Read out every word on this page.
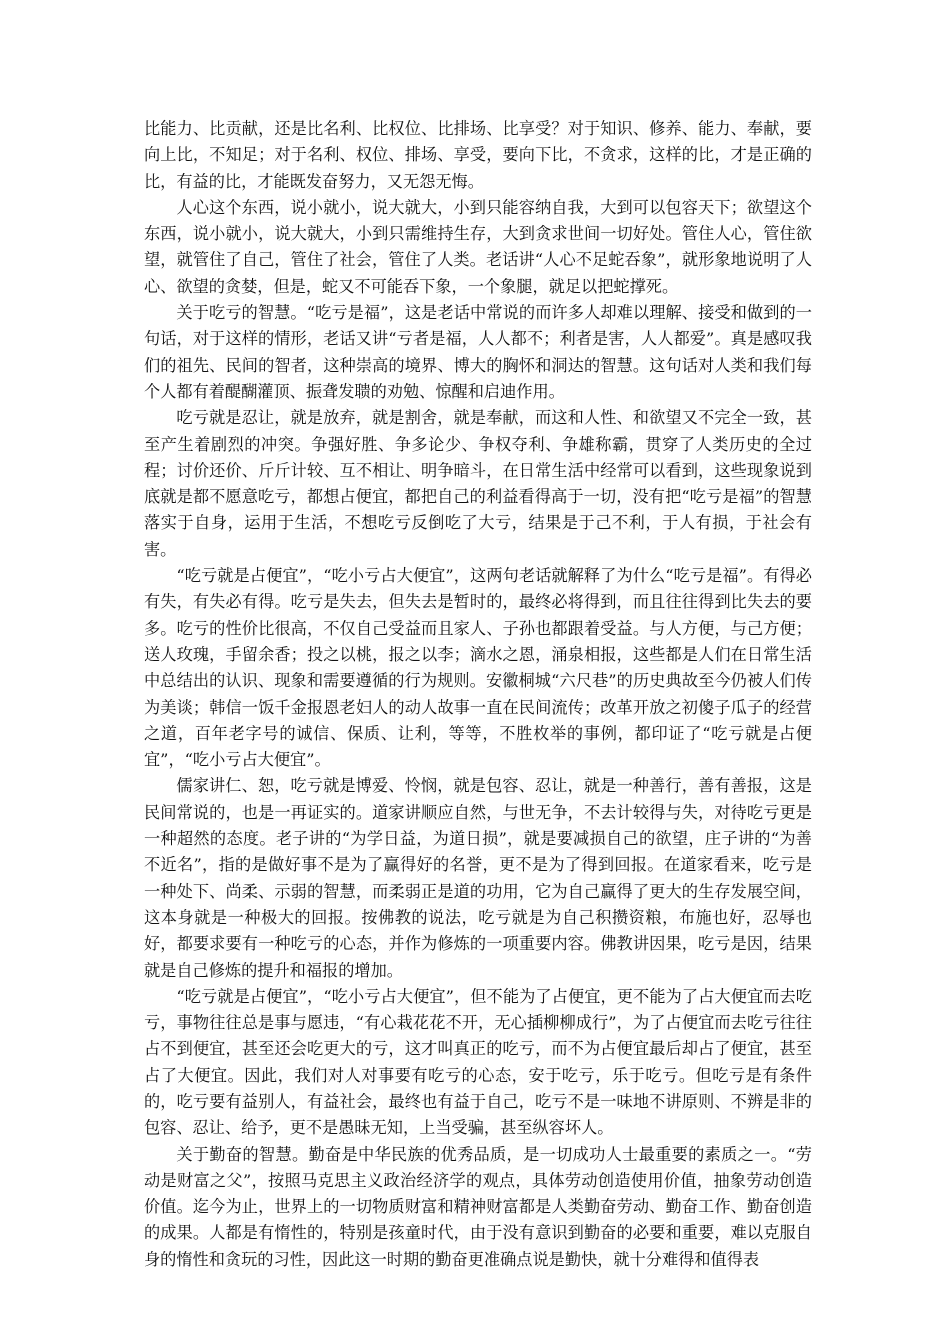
比能力、比贡献，还是比名利、比权位、比排场、比享受？对于知识、修养、能力、奉献，要向上比，不知足；对于名利、权位、排场、享受，要向下比，不贪求，这样的比，才是正确的比，有益的比，才能既发奋努力，又无怨无悔。

人心这个东西，说小就小，说大就大，小到只能容纳自我，大到可以包容天下；欲望这个东西，说小就小，说大就大，小到只需维持生存，大到贪求世间一切好处。管住人心，管住欲望，就管住了自己，管住了社会，管住了人类。老话讲“人心不足蛇吞象”，就形象地说明了人心、欲望的贪婪，但是，蛇又不可能吞下象，一个象腿，就足以把蛇撑死。

关于吃亏的智慧。“吃亏是福”，这是老话中常说的而许多人却难以理解、接受和做到的一句话，对于这样的情形，老话又讲“亏者是福，人人都不；利者是害，人人都爱”。真是感叹我们的祖先、民间的智者，这种崇高的境界、博大的胸怀和洞达的智慧。这句话对人类和我们每个人都有着醍醐灌顶、振聋发聩的劝勉、惊醒和启迪作用。

吃亏就是忍让，就是放弃，就是割舍，就是奉献，而这和人性、和欲望又不完全一致，甚至产生着剧烈的冲突。争强好胜、争多论少、争权夺利、争雄称霸，贯穿了人类历史的全过程；讨价还价、斤斤计较、互不相让、明争暗斗，在日常生活中经常可以看到，这些现象说到底就是都不愿意吃亏，都想占便宜，都把自己的利益看得高于一切，没有把“吃亏是福”的智慧落实于自身，运用于生活，不想吃亏反倒吃了大亏，结果是于己不利，于人有损，于社会有害。

“吃亏就是占便宜”，“吃小亏占大便宜”，这两句老话就解释了为什么“吃亏是福”。有得必有失，有失必有得。吃亏是失去，但失去是暂时的，最终必将得到，而且往往得到比失去的要多。吃亏的性价比很高，不仅自己受益而且家人、子孙也都跟着受益。与人方便，与己方便；送人玫瑰，手留余香；投之以桃，报之以李；滴水之恩，涌泉相报，这些都是人们在日常生活中总结出的认识、现象和需要遵循的行为规则。安徽桐城“六尺巷”的历史典故至今仍被人们传为美谈；韩信一饭千金报恩老妇人的动人故事一直在民间流传；改革开放之初傻子瓜子的经营之道，百年老字号的诚信、保质、让利，等等，不胜枚举的事例，都印证了“吃亏就是占便宜”，“吃小亏占大便宜”。

儒家讲仁、恕，吃亏就是博爱、怜悯，就是包容、忍让，就是一种善行，善有善报，这是民间常说的，也是一再证实的。道家讲顺应自然，与世无争，不去计较得与失，对待吃亏更是一种超然的态度。老子讲的“为学日益，为道日损”，就是要减损自己的欲望，庄子讲的“为善不近名”，指的是做好事不是为了赢得好的名誉，更不是为了得到回报。在道家看来，吃亏是一种处下、尚柔、示弱的智慧，而柔弱正是道的功用，它为自己赢得了更大的生存发展空间，这本身就是一种极大的回报。按佛教的说法，吃亏就是为自己积攒资粮，布施也好，忍辱也好，都要求要有一种吃亏的心态，并作为修炼的一项重要内容。佛教讲因果，吃亏是因，结果就是自己修炼的提升和福报的增加。

“吃亏就是占便宜”，“吃小亏占大便宜”，但不能为了占便宜，更不能为了占大便宜而去吃亏，事物往往总是事与愿违，“有心栽花花不开，无心插柳柳成行”，为了占便宜而去吃亏往往占不到便宜，甚至还会吃更大的亏，这才叫真正的吃亏，而不为占便宜最后却占了便宜，甚至占了大便宜。因此，我们对人对事要有吃亏的心态，安于吃亏，乐于吃亏。但吃亏是有条件的，吃亏要有益别人，有益社会，最终也有益于自己，吃亏不是一味地不讲原则、不辨是非的包容、忍让、给予，更不是愚昧无知，上当受骗，甚至纵容坏人。

关于勤奋的智慧。勤奋是中华民族的优秀品质，是一切成功人士最重要的素质之一。“劳动是财富之父”，按照马克思主义政治经济学的观点，具体劳动创造使用价值，抽象劳动创造价值。迄今为止，世界上的一切物质财富和精神财富都是人类勤奋劳动、勤奋工作、勤奋创造的成果。人都是有惰性的，特别是孩童时代，由于没有意识到勤奋的必要和重要，难以克服自身的惰性和贪玩的习性，因此这一时期的勤奋更准确点说是勤快，就十分难得和值得表
